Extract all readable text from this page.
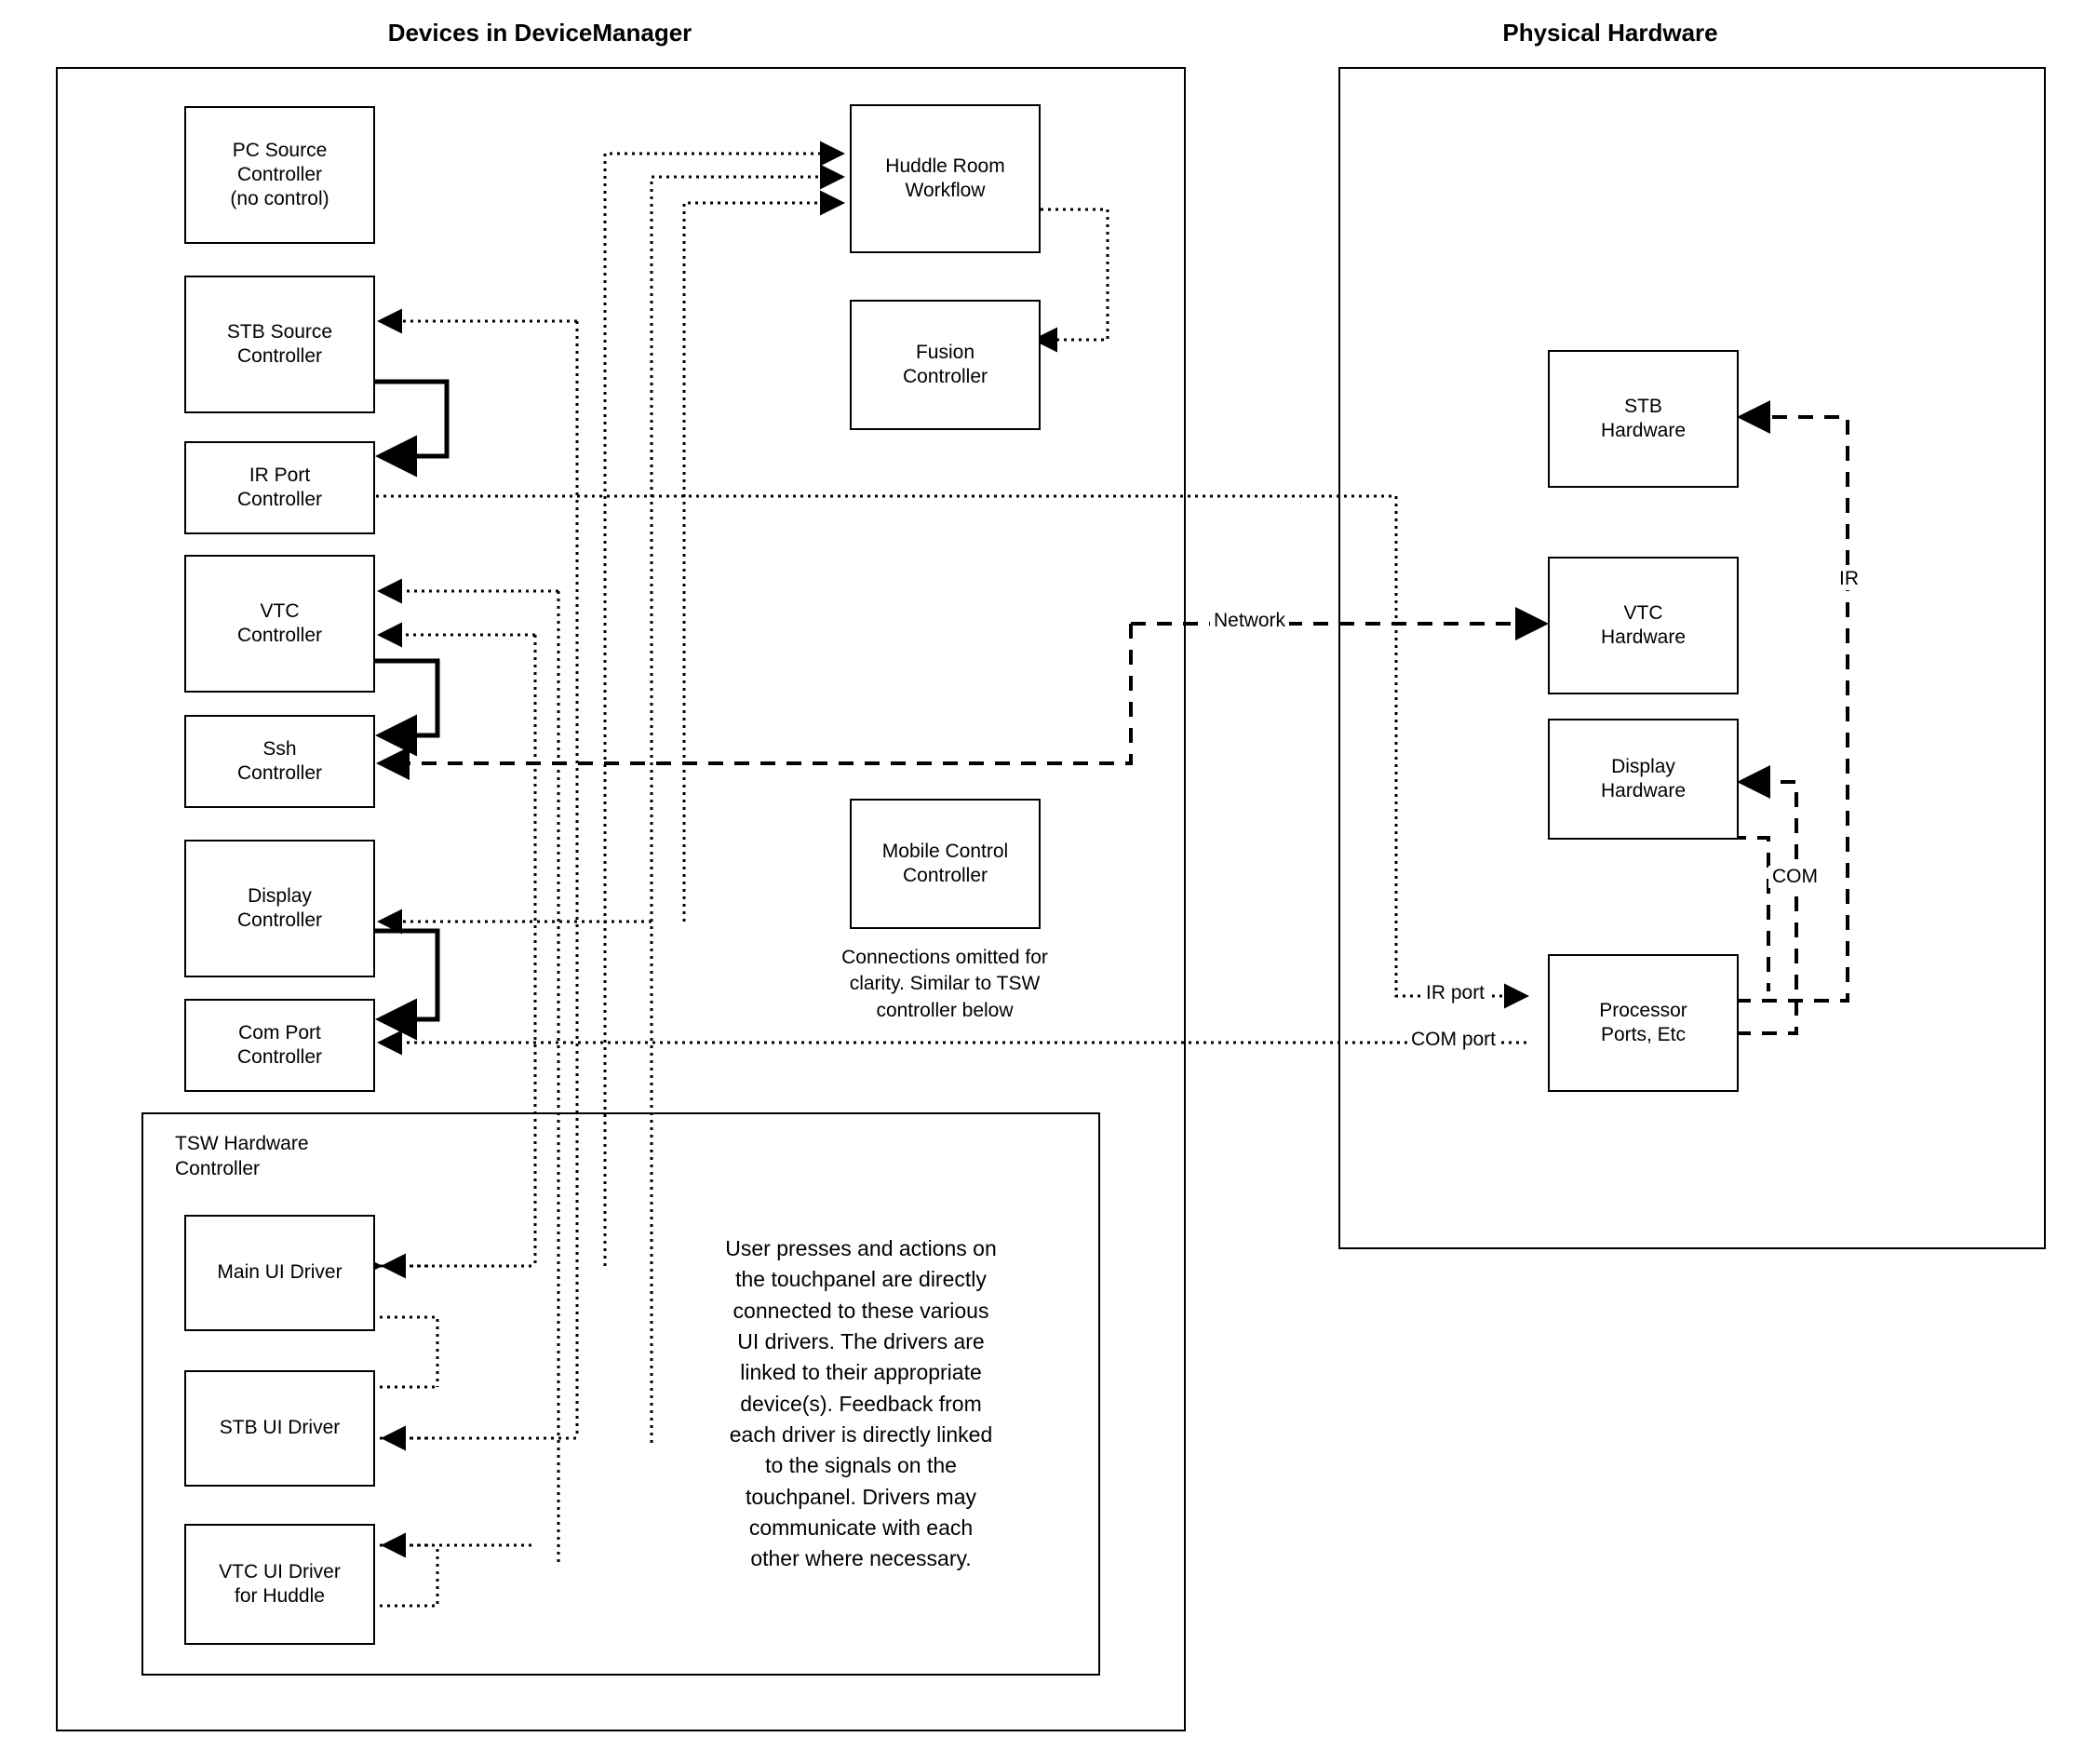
Devices in DeviceManager	Physical Hardware
TSW Hardware
Controller
PC Source
Controller
(no control)
STB Source
Controller
IR Port
Controller
VTC
Controller
Ssh
Controller
Display
Controller
Com Port
Controller
Huddle Room
Workflow
Fusion
Controller
Mobile Control
Controller
Connections omitted for
clarity. Similar to TSW
controller below
Main UI Driver
STB UI Driver
VTC UI Driver
for Huddle
User presses and actions on
the touchpanel are directly
connected to these various
UI drivers. The drivers are
linked to their appropriate
device(s). Feedback from
each driver is directly linked
to the signals on the
touchpanel. Drivers may
communicate with each
other where necessary.
STB
Hardware
VTC
Hardware
Display
Hardware
Processor
Ports, Etc
Network
IR
COM
IR port
COM port
